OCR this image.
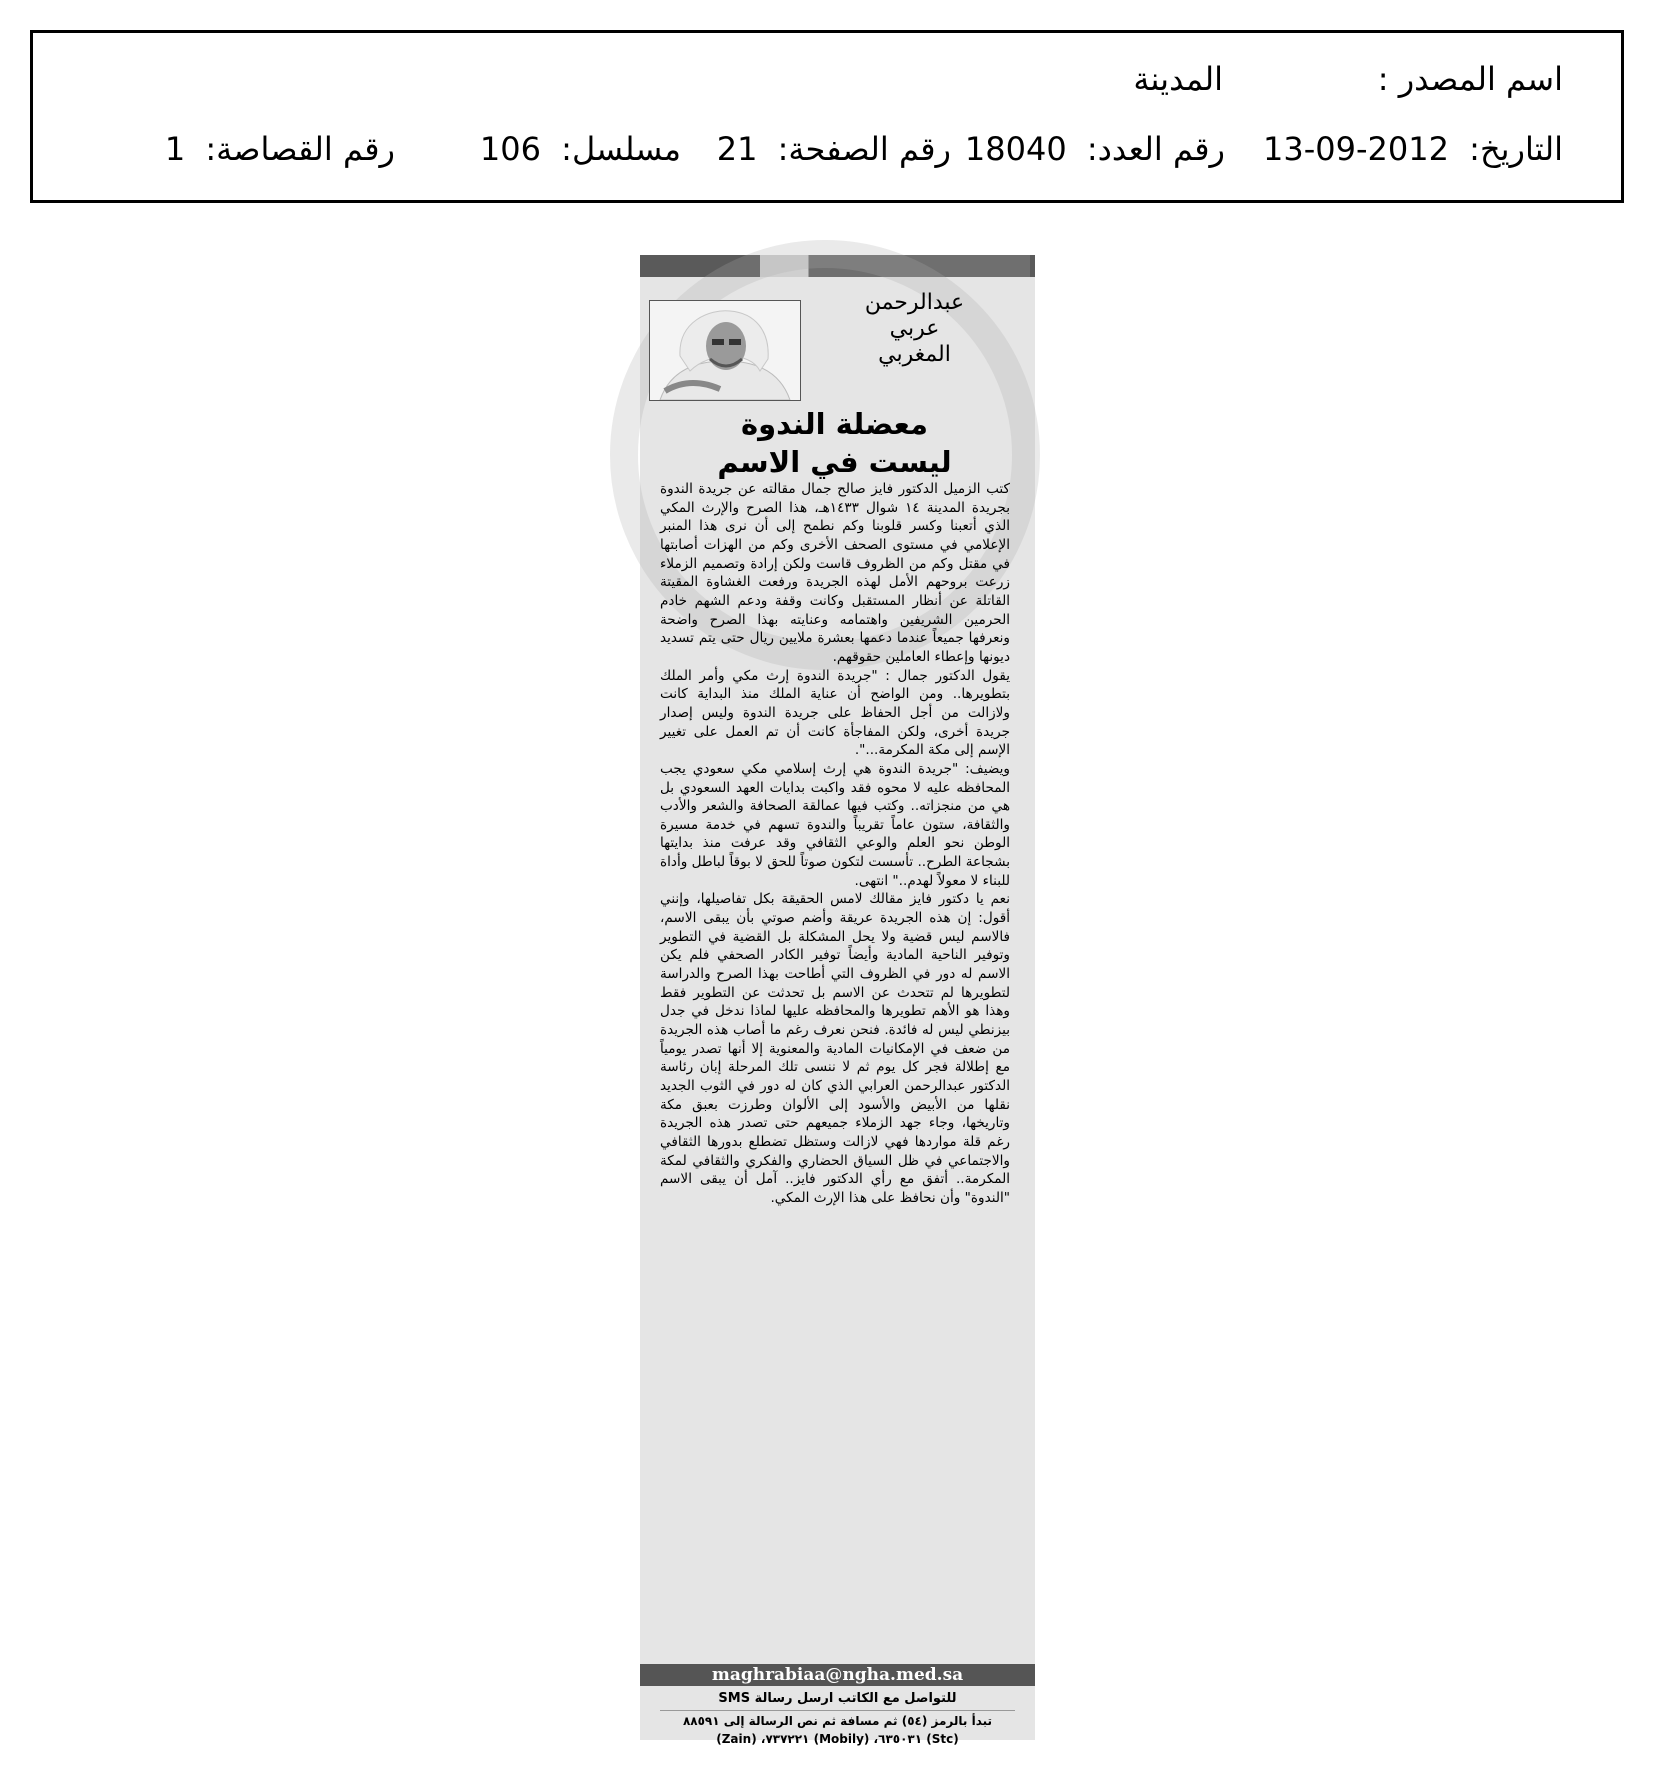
اسم المصدر :
المدينة
التاريخ: 2012-09-13
رقم العدد: 18040
رقم الصفحة: 21
مسلسل: 106
رقم القصاصة: 1
عبدالرحمن
عربي
المغربي
معضلة الندوة
ليست في الاسم

كتب الزميل الدكتور فايز صالح جمال مقالته عن جريدة الندوة بجريدة المدينة ١٤ شوال ١٤٣٣هـ، هذا الصرح والإرث المكي الذي أتعبنا وكسر قلوبنا وكم نطمح إلى أن نرى هذا المنبر الإعلامي في مستوى الصحف الأخرى وكم من الهزات أصابتها في مقتل وكم من الظروف قاست ولكن إرادة وتصميم الزملاء زرعت بروحهم الأمل لهذه الجريدة ورفعت الغشاوة المقيتة القاتلة عن أنظار المستقبل وكانت وقفة ودعم الشهم خادم الحرمين الشريفين واهتمامه وعنايته بهذا الصرح واضحة ونعرفها جميعاً عندما دعمها بعشرة ملايين ريال حتى يتم تسديد ديونها وإعطاء العاملين حقوقهم.

يقول الدكتور جمال : "جريدة الندوة إرث مكي وأمر الملك بتطويرها.. ومن الواضح أن عناية الملك منذ البداية كانت ولازالت من أجل الحفاظ على جريدة الندوة وليس إصدار جريدة أخرى، ولكن المفاجأة كانت أن تم العمل على تغيير الإسم إلى مكة المكرمة...".

ويضيف: "جريدة الندوة هي إرث إسلامي مكي سعودي يجب المحافظه عليه لا محوه فقد واكبت بدايات العهد السعودي بل هي من منجزاته.. وكتب فيها عمالقة الصحافة والشعر والأدب والثقافة، ستون عاماً تقريباً والندوة تسهم في خدمة مسيرة الوطن نحو العلم والوعي الثقافي وقد عرفت منذ بدايتها بشجاعة الطرح.. تأسست لتكون صوتاً للحق لا بوقاً لباطل وأداة للبناء لا معولاً لهدم.." انتهى.

نعم يا دكتور فايز مقالك لامس الحقيقة بكل تفاصيلها، وإنني أقول: إن هذه الجريدة عريقة وأضم صوتي بأن يبقى الاسم، فالاسم ليس قضية ولا يحل المشكلة بل القضية في التطوير وتوفير الناحية المادية وأيضاً توفير الكادر الصحفي فلم يكن الاسم له دور في الظروف التي أطاحت بهذا الصرح والدراسة لتطويرها لم تتحدث عن الاسم بل تحدثت عن التطوير فقط وهذا هو الأهم تطويرها والمحافظه عليها لماذا ندخل في جدل بيزنطي ليس له فائدة. فنحن نعرف رغم ما أصاب هذه الجريدة من ضعف في الإمكانيات المادية والمعنوية إلا أنها تصدر يومياً مع إطلالة فجر كل يوم ثم لا ننسى تلك المرحلة إبان رئاسة الدكتور عبدالرحمن العرابي الذي كان له دور في الثوب الجديد نقلها من الأبيض والأسود إلى الألوان وطرزت بعبق مكة وتاريخها، وجاء جهد الزملاء جميعهم حتى تصدر هذه الجريدة رغم قلة مواردها فهي لازالت وستظل تضطلع بدورها الثقافي والاجتماعي في ظل السياق الحضاري والفكري والثقافي لمكة المكرمة.. أتفق مع رأي الدكتور فايز.. آمل أن يبقى الاسم "الندوة" وأن نحافظ على هذا الإرث المكي.

maghrabiaa@ngha.med.sa
للتواصل مع الكاتب ارسل رسالة SMS
تبدأ بالرمز (٥٤) ثم مسافة ثم نص الرسالة إلى ٨٨٥٩١
(Stc) ٦٣٥٠٣١، (Mobily) ٧٣٧٢٢١، (Zain)
